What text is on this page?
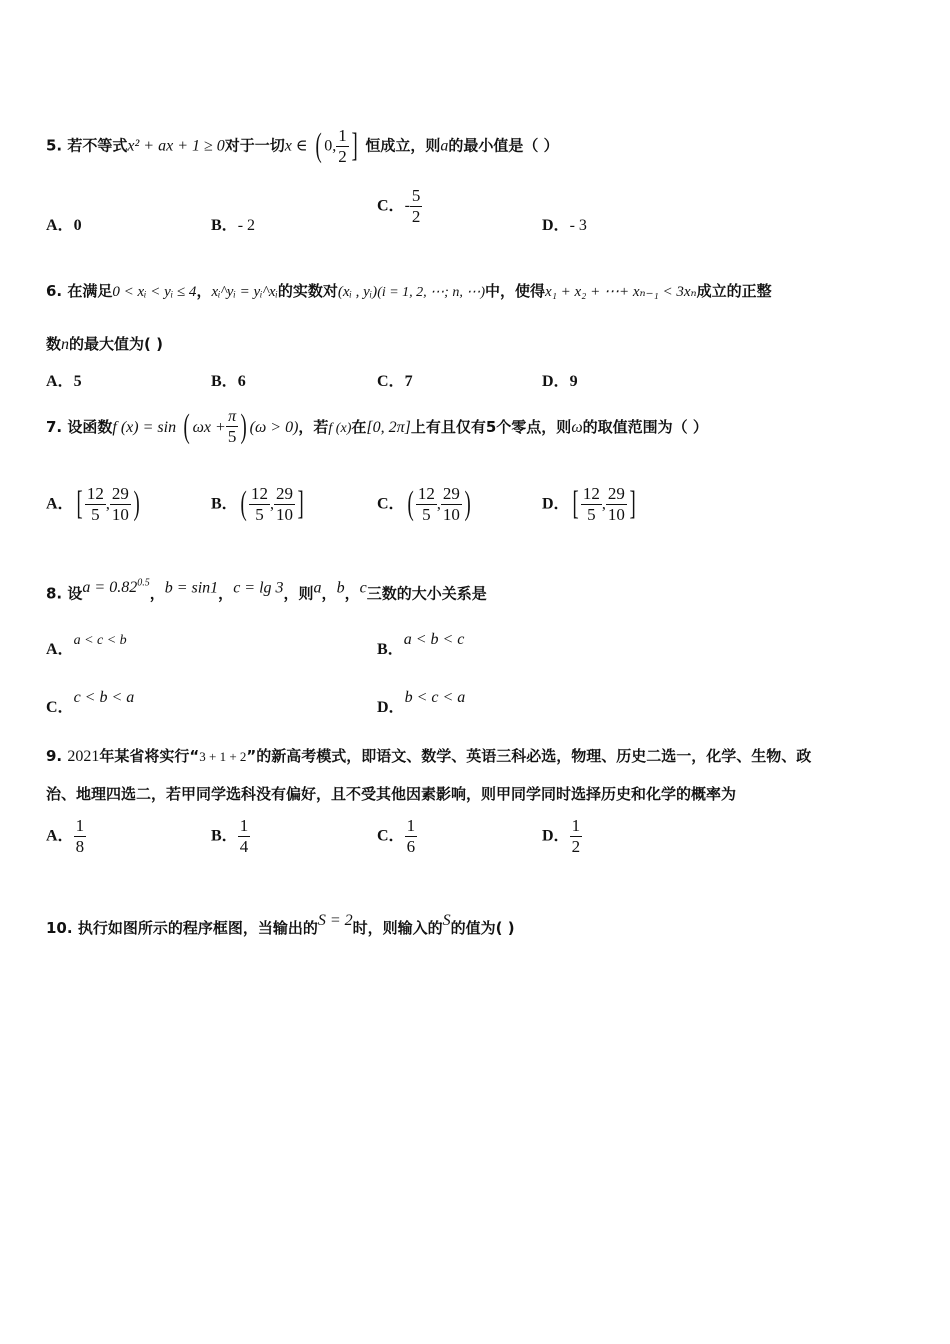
5. 若不等式x² + ax + 1 ≥ 0对于一切x ∈ ( 0, $\frac{1}{2}$ ] 恒成立，则a的最小值是（ ）
A．0	B．- 2
C．- $\frac{5}{2}$	D．- 3
6. 在满足0 < xᵢ < yᵢ ≤ 4，xᵢ^yᵢ = yᵢ^xᵢ的实数对(xᵢ , yᵢ)(i = 1, 2, ⋯; n, ⋯)中，使得x₁ + x₂ + ⋯+ xₙ₋₁ < 3xₙ成立的正整
数n的最大值为( )
A．5	B．6	C．7	D．9
7. 设函数f (x) = sin ( $\omega x + \frac{\pi}{5}$ ) (ω > 0)，若f (x)在[0, 2π]上有且仅有5个零点，则ω的取值范围为（ ）
A．[ $\frac{12}{5}$ , $\frac{29}{10}$ )	B．( $\frac{12}{5}$ , $\frac{29}{10}$ ]	C．( $\frac{12}{5}$ , $\frac{29}{10}$ )	D．[ $\frac{12}{5}$ , $\frac{29}{10}$ ]
8. 设$a = 0.82^{0.5}$，b = sin1，c = lg 3，则a，b，c三数的大小关系是
A．a < c < b
B．a < b < c
C．c < b < a
D．b < c < a
9. 2021年某省将实行“3 + 1 + 2”的新高考模式，即语文、数学、英语三科必选，物理、历史二选一，化学、生物、政
治、地理四选二，若甲同学选科没有偏好，且不受其他因素影响，则甲同学同时选择历史和化学的概率为
A． $\frac{1}{8}$	B． $\frac{1}{4}$	C． $\frac{1}{6}$	D． $\frac{1}{2}$
10. 执行如图所示的程序框图，当输出的S = 2时，则输入的S的值为( )
